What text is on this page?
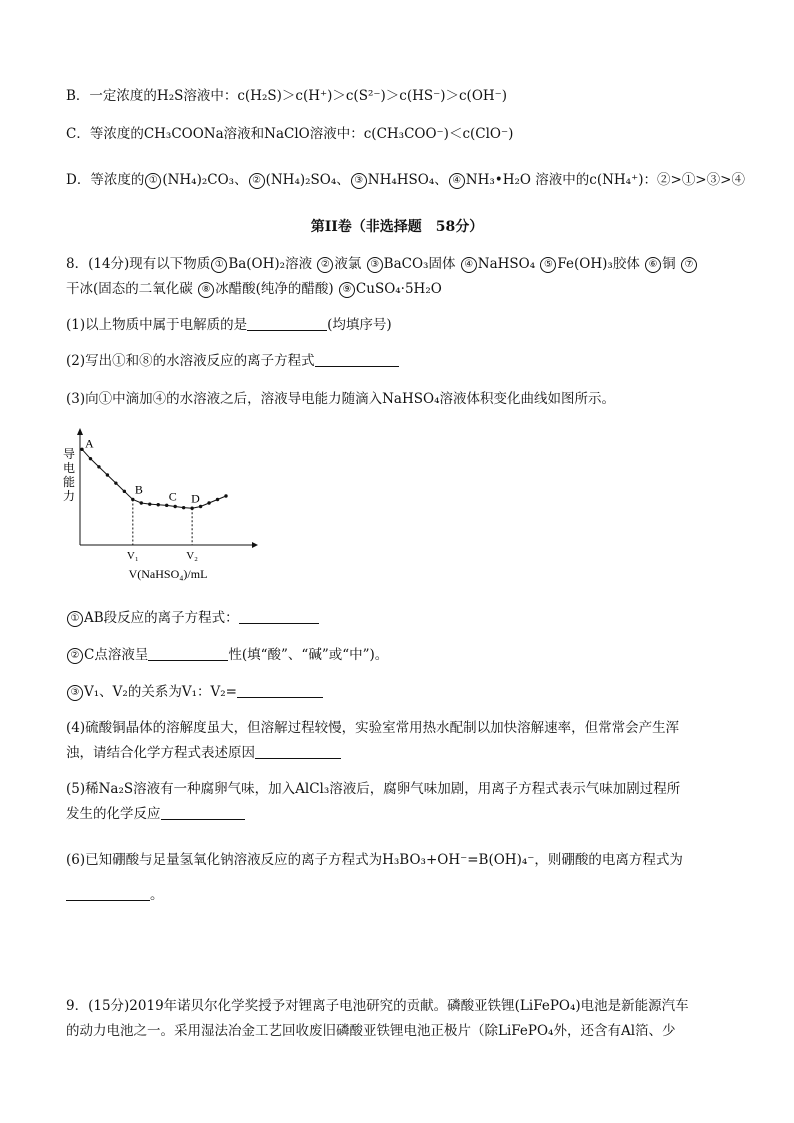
B．一定浓度的H₂S溶液中：c(H₂S)＞c(H⁺)＞c(S²⁻)＞c(HS⁻)＞c(OH⁻)
C．等浓度的CH₃COONa溶液和NaClO溶液中：c(CH₃COO⁻)＜c(ClO⁻)
D．等浓度的 ① (NH₄)₂CO₃、 ② (NH₄)₂SO₄、 ③ NH₄HSO₄、 ④ NH₃•H₂O 溶液中的c(NH₄⁺)：②>①>③>④
第II卷（非选择题　58分）
8．(14分)现有以下物质 ① Ba(OH)₂溶液 ② 液氯 ③ BaCO₃固体 ④ NaHSO₄ ⑤ Fe(OH)₃胶体 ⑥ 铜 ⑦
干冰(固态的二氧化碳 ⑧ 冰醋酸(纯净的醋酸) ⑨ CuSO₄·5H₂O
(1)以上物质中属于电解质的是	(均填序号)
(2)写出①和⑧的水溶液反应的离子方程式
(3)向①中滴加④的水溶液之后，溶液导电能力随滴入NaHSO₄溶液体积变化曲线如图所示。
导
电
能
力
A
B C D
V₁	V₂
V(NaHSO₄)/mL
① AB段反应的离子方程式：
② C点溶液呈	性(填“酸”、“碱”或“中”)。
③ V₁、V₂的关系为V₁：V₂=
(4)硫酸铜晶体的溶解度虽大，但溶解过程较慢，实验室常用热水配制以加快溶解速率，但常常会产生浑
浊，请结合化学方程式表述原因
(5)稀Na₂S溶液有一种腐卵气味，加入AlCl₃溶液后，腐卵气味加剧，用离子方程式表示气味加剧过程所
发生的化学反应
(6)已知硼酸与足量氢氧化钠溶液反应的离子方程式为H₃BO₃+OH⁻=B(OH)₄⁻，则硼酸的电离方程式为
。
9．(15分)2019年诺贝尔化学奖授予对锂离子电池研究的贡献。磷酸亚铁锂(LiFePO₄)电池是新能源汽车
的动力电池之一。采用湿法冶金工艺回收废旧磷酸亚铁锂电池正极片（除LiFePO₄外，还含有Al箔、少
